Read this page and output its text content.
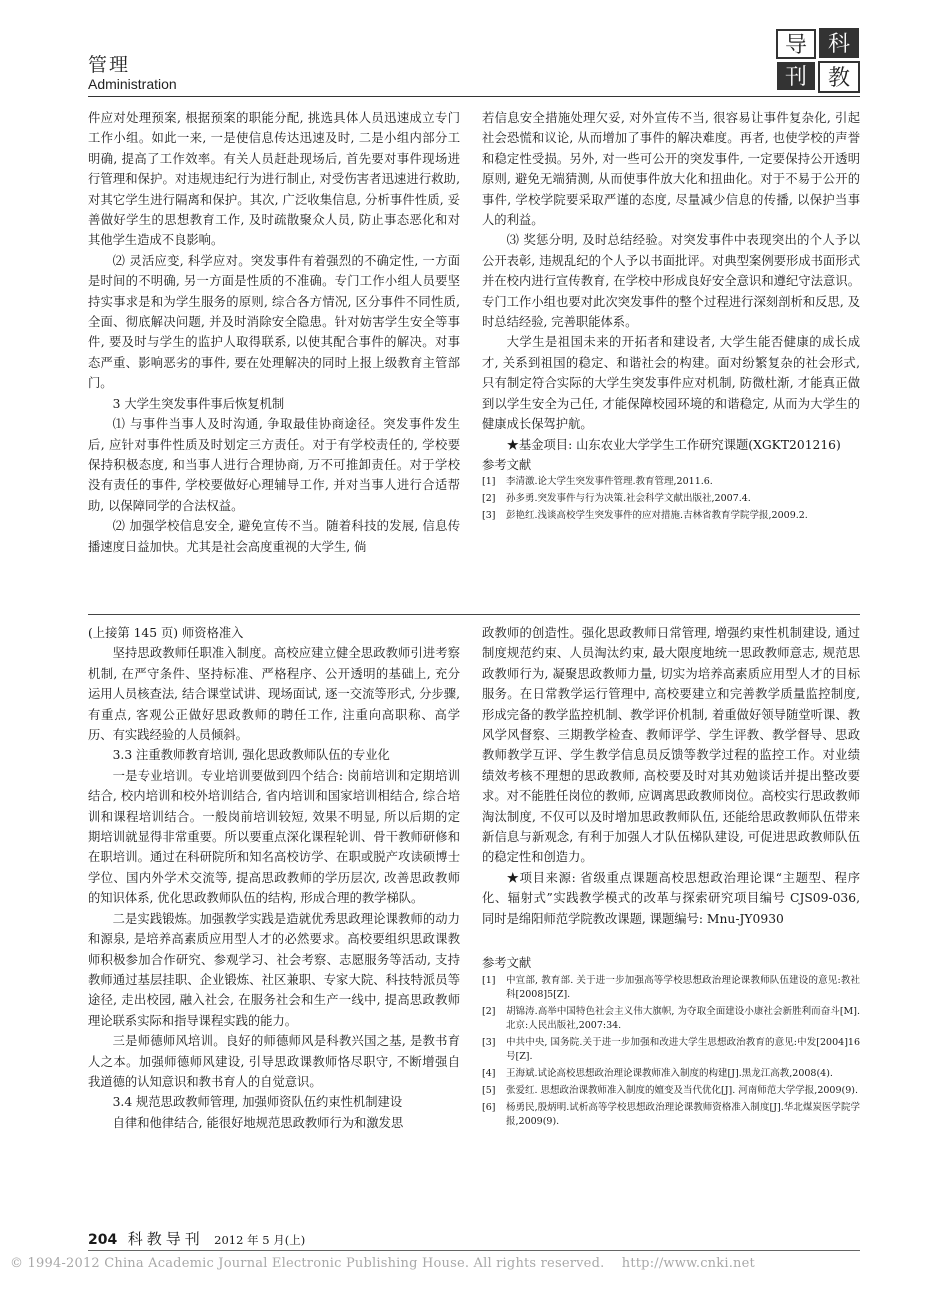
管理
Administration
导 科
刊 教

件应对处理预案, 根据预案的职能分配, 挑选具体人员迅速成立专门工作小组。如此一来, 一是使信息传达迅速及时, 二是小组内部分工明确, 提高了工作效率。有关人员赶赴现场后, 首先要对事件现场进行管理和保护。对违规违纪行为进行制止, 对受伤害者迅速进行救助, 对其它学生进行隔离和保护。其次, 广泛收集信息, 分析事件性质, 妥善做好学生的思想教育工作, 及时疏散聚众人员, 防止事态恶化和对其他学生造成不良影响。

⑵ 灵活应变, 科学应对。突发事件有着强烈的不确定性, 一方面是时间的不明确, 另一方面是性质的不准确。专门工作小组人员要坚持实事求是和为学生服务的原则, 综合各方情况, 区分事件不同性质, 全面、彻底解决问题, 并及时消除安全隐患。针对妨害学生安全等事件, 要及时与学生的监护人取得联系, 以使其配合事件的解决。对事态严重、影响恶劣的事件, 要在处理解决的同时上报上级教育主管部门。

3 大学生突发事件事后恢复机制

⑴ 与事件当事人及时沟通, 争取最佳协商途径。突发事件发生后, 应针对事件性质及时划定三方责任。对于有学校责任的, 学校要保持积极态度, 和当事人进行合理协商, 万不可推卸责任。对于学校没有责任的事件, 学校要做好心理辅导工作, 并对当事人进行合适帮助, 以保障同学的合法权益。

⑵ 加强学校信息安全, 避免宣传不当。随着科技的发展, 信息传播速度日益加快。尤其是社会高度重视的大学生, 倘

若信息安全措施处理欠妥, 对外宣传不当, 很容易让事件复杂化, 引起社会恐慌和议论, 从而增加了事件的解决难度。再者, 也使学校的声誉和稳定性受损。另外, 对一些可公开的突发事件, 一定要保持公开透明原则, 避免无端猜测, 从而使事件放大化和扭曲化。对于不易于公开的事件, 学校学院要采取严谨的态度, 尽量减少信息的传播, 以保护当事人的利益。

⑶ 奖惩分明, 及时总结经验。对突发事件中表现突出的个人予以公开表彰, 违规乱纪的个人予以书面批评。对典型案例要形成书面形式并在校内进行宣传教育, 在学校中形成良好安全意识和遵纪守法意识。专门工作小组也要对此次突发事件的整个过程进行深刻剖析和反思, 及时总结经验, 完善职能体系。

大学生是祖国未来的开拓者和建设者, 大学生能否健康的成长成才, 关系到祖国的稳定、和谐社会的构建。面对纷繁复杂的社会形式, 只有制定符合实际的大学生突发事件应对机制, 防微杜渐, 才能真正做到以学生安全为己任, 才能保障校园环境的和谐稳定, 从而为大学生的健康成长保驾护航。

★基金项目: 山东农业大学学生工作研究课题(XGKT201216)

参考文献

[1] 李清激.论大学生突发事件管理.教育管理,2011.6.
[2] 孙多勇.突发事件与行为决策.社会科学文献出版社,2007.4.
[3] 彭艳红.浅谈高校学生突发事件的应对措施.吉林省教育学院学报,2009.2.

(上接第 145 页) 师资格准入

坚持思政教师任职准入制度。高校应建立健全思政教师引进考察机制, 在严守条件、坚持标准、严格程序、公开透明的基础上, 充分运用人员核查法, 结合课堂试讲、现场面试, 逐一交流等形式, 分步骤, 有重点, 客观公正做好思政教师的聘任工作, 注重向高职称、高学历、有实践经验的人员倾斜。

3.3 注重教师教育培训, 强化思政教师队伍的专业化

一是专业培训。专业培训要做到四个结合: 岗前培训和定期培训结合, 校内培训和校外培训结合, 省内培训和国家培训相结合, 综合培训和课程培训结合。一般岗前培训较短, 效果不明显, 所以后期的定期培训就显得非常重要。所以要重点深化课程轮训、骨干教师研修和在职培训。通过在科研院所和知名高校访学、在职或脱产攻读硕博士学位、国内外学术交流等, 提高思政教师的学历层次, 改善思政教师的知识体系, 优化思政教师队伍的结构, 形成合理的教学梯队。

二是实践锻炼。加强教学实践是造就优秀思政理论课教师的动力和源泉, 是培养高素质应用型人才的必然要求。高校要组织思政课教师积极参加合作研究、参观学习、社会考察、志愿服务等活动, 支持教师通过基层挂职、企业锻炼、社区兼职、专家大院、科技特派员等途径, 走出校园, 融入社会, 在服务社会和生产一线中, 提高思政教师理论联系实际和指导课程实践的能力。

三是师德师风培训。良好的师德师风是科教兴国之基, 是教书育人之本。加强师德师风建设, 引导思政课教师恪尽职守, 不断增强自我道德的认知意识和教书育人的自觉意识。

3.4 规范思政教师管理, 加强师资队伍约束性机制建设

自律和他律结合, 能很好地规范思政教师行为和激发思

政教师的创造性。强化思政教师日常管理, 增强约束性机制建设, 通过制度规范约束、人员淘汰约束, 最大限度地统一思政教师意志, 规范思政教师行为, 凝聚思政教师力量, 切实为培养高素质应用型人才的目标服务。在日常教学运行管理中, 高校要建立和完善教学质量监控制度, 形成完备的教学监控机制、教学评价机制, 着重做好领导随堂听课、教风学风督察、三期教学检查、教师评学、学生评教、教学督导、思政教师教学互评、学生教学信息员反馈等教学过程的监控工作。对业绩绩效考核不理想的思政教师, 高校要及时对其劝勉谈话并提出整改要求。对不能胜任岗位的教师, 应调离思政教师岗位。高校实行思政教师淘汰制度, 不仅可以及时增加思政教师队伍, 还能给思政教师队伍带来新信息与新观念, 有利于加强人才队伍梯队建设, 可促进思政教师队伍的稳定性和创造力。

★项目来源: 省级重点课题高校思想政治理论课“主题型、程序化、辐射式”实践教学模式的改革与探索研究项目编号 CJS09-036, 同时是绵阳师范学院教改课题, 课题编号: Mnu-JY0930

参考文献

[1] 中宣部, 教育部. 关于进一步加强高等学校思想政治理论课教师队伍建设的意见:教社科[2008]5[Z].
[2] 胡锦涛.高举中国特色社会主义伟大旗帜, 为夺取全面建设小康社会新胜利而奋斗[M].北京:人民出版社,2007:34.
[3] 中共中央, 国务院.关于进一步加强和改进大学生思想政治教育的意见:中发[2004]16 号[Z].
[4] 王海斌.试论高校思想政治理论课教师准入制度的构建[J].黑龙江高教,2008(4).
[5] 张爱红. 思想政治课教师准入制度的嬗变及当代优化[J]. 河南师范大学学报,2009(9).
[6] 杨勇民,殷炳明.试析高等学校思想政治理论课教师资格准入制度[J].华北煤炭医学院学报,2009(9).
204 科教导刊 2012 年 5 月(上)
© 1994-2012 China Academic Journal Electronic Publishing House. All rights reserved.    http://www.cnki.net
